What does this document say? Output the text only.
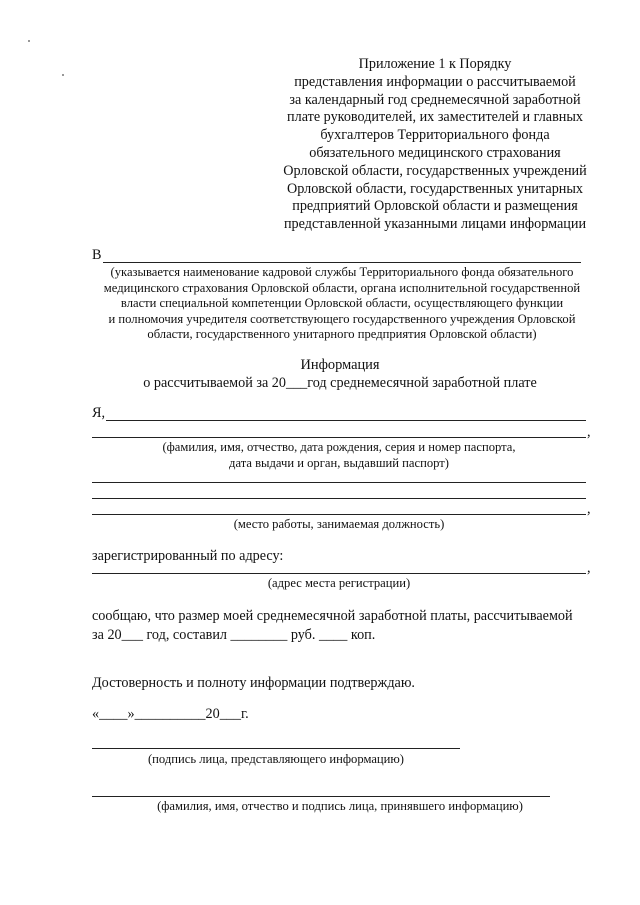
Приложение 1 к Порядку
представления информации о рассчитываемой
за календарный год среднемесячной заработной
плате руководителей, их заместителей и главных
бухгалтеров Территориального фонда
обязательного медицинского страхования
Орловской области, государственных учреждений
Орловской области, государственных унитарных
предприятий Орловской области и размещения
представленной указанными лицами информации
В
(указывается наименование кадровой службы Территориального фонда обязательного
медицинского страхования Орловской области, органа исполнительной государственной
власти специальной компетенции Орловской области, осуществляющего функции
и полномочия учредителя соответствующего государственного учреждения Орловской
области, государственного унитарного предприятия Орловской области)
Информация
о рассчитываемой за 20___год среднемесячной заработной плате
Я,
,
(фамилия, имя, отчество, дата рождения, серия и номер паспорта,
дата выдачи и орган, выдавший паспорт)
,
(место работы, занимаемая должность)
зарегистрированный по адресу:
,
(адрес места регистрации)
сообщаю, что размер моей среднемесячной заработной платы, рассчитываемой
за 20___ год, составил ________ руб. ____ коп.
Достоверность и полноту информации подтверждаю.
«____»__________20___г.
(подпись лица, представляющего информацию)
(фамилия, имя, отчество и подпись лица, принявшего информацию)
